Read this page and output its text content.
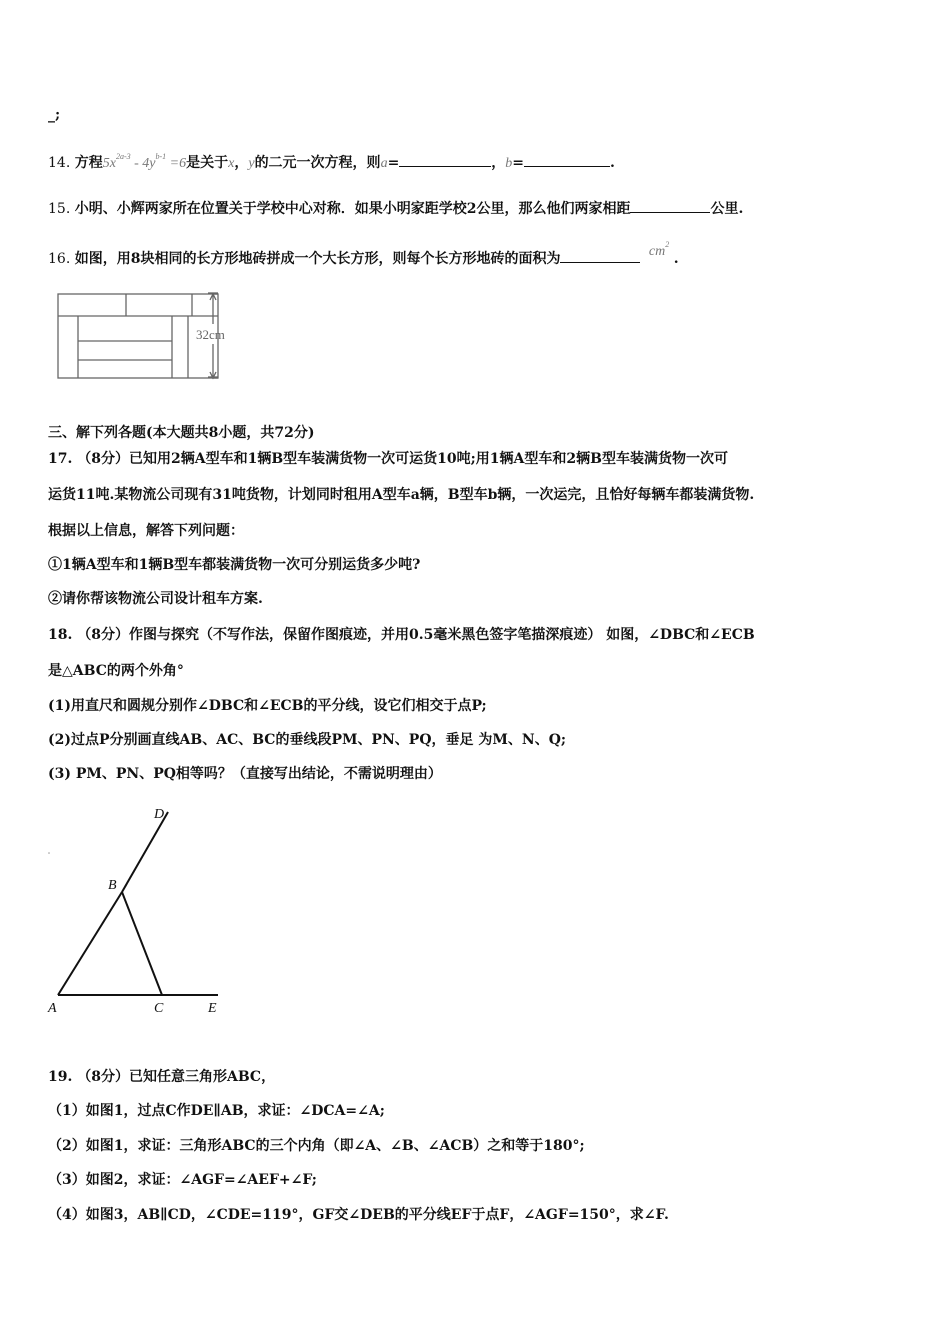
_;
14. 方程$5x^{2a-3} - 4y^{b-1} =6$是关于x，y的二元一次方程，则a=	，b=	.
15. 小明、小辉两家所在位置关于学校中心对称．如果小明家距学校2公里，那么他们两家相距	公里.
16. 如图，用8块相同的长方形地砖拼成一个大长方形，则每个长方形地砖的面积为	$cm^2$ .
32cm
三、解下列各题(本大题共8小题，共72分)
17. （8分）已知用2辆A型车和1辆B型车装满货物一次可运货10吨;用1辆A型车和2辆B型车装满货物一次可
运货11吨.某物流公司现有31吨货物，计划同时租用A型车a辆，B型车b辆，一次运完，且恰好每辆车都装满货物.
根据以上信息，解答下列问题：
①1辆A型车和1辆B型车都装满货物一次可分别运货多少吨?
②请你帮该物流公司设计租车方案.
18. （8分）作图与探究（不写作法，保留作图痕迹，并用0.5毫米黑色签字笔描深痕迹） 如图，∠DBC和∠ECB
是△ABC的两个外角°
(1)用直尺和圆规分别作∠DBC和∠ECB的平分线，设它们相交于点P;
(2)过点P分别画直线AB、AC、BC的垂线段PM、PN、PQ，垂足 为M、N、Q;
(3) PM、PN、PQ相等吗？（直接写出结论，不需说明理由）
D
B
A	C	E
19. （8分）已知任意三角形ABC，
（1）如图1，过点C作DE∥AB，求证：∠DCA=∠A;
（2）如图1，求证：三角形ABC的三个内角（即∠A、∠B、∠ACB）之和等于180°;
（3）如图2，求证：∠AGF=∠AEF+∠F;
（4）如图3，AB∥CD，∠CDE=119°，GF交∠DEB的平分线EF于点F，∠AGF=150°，求∠F.
